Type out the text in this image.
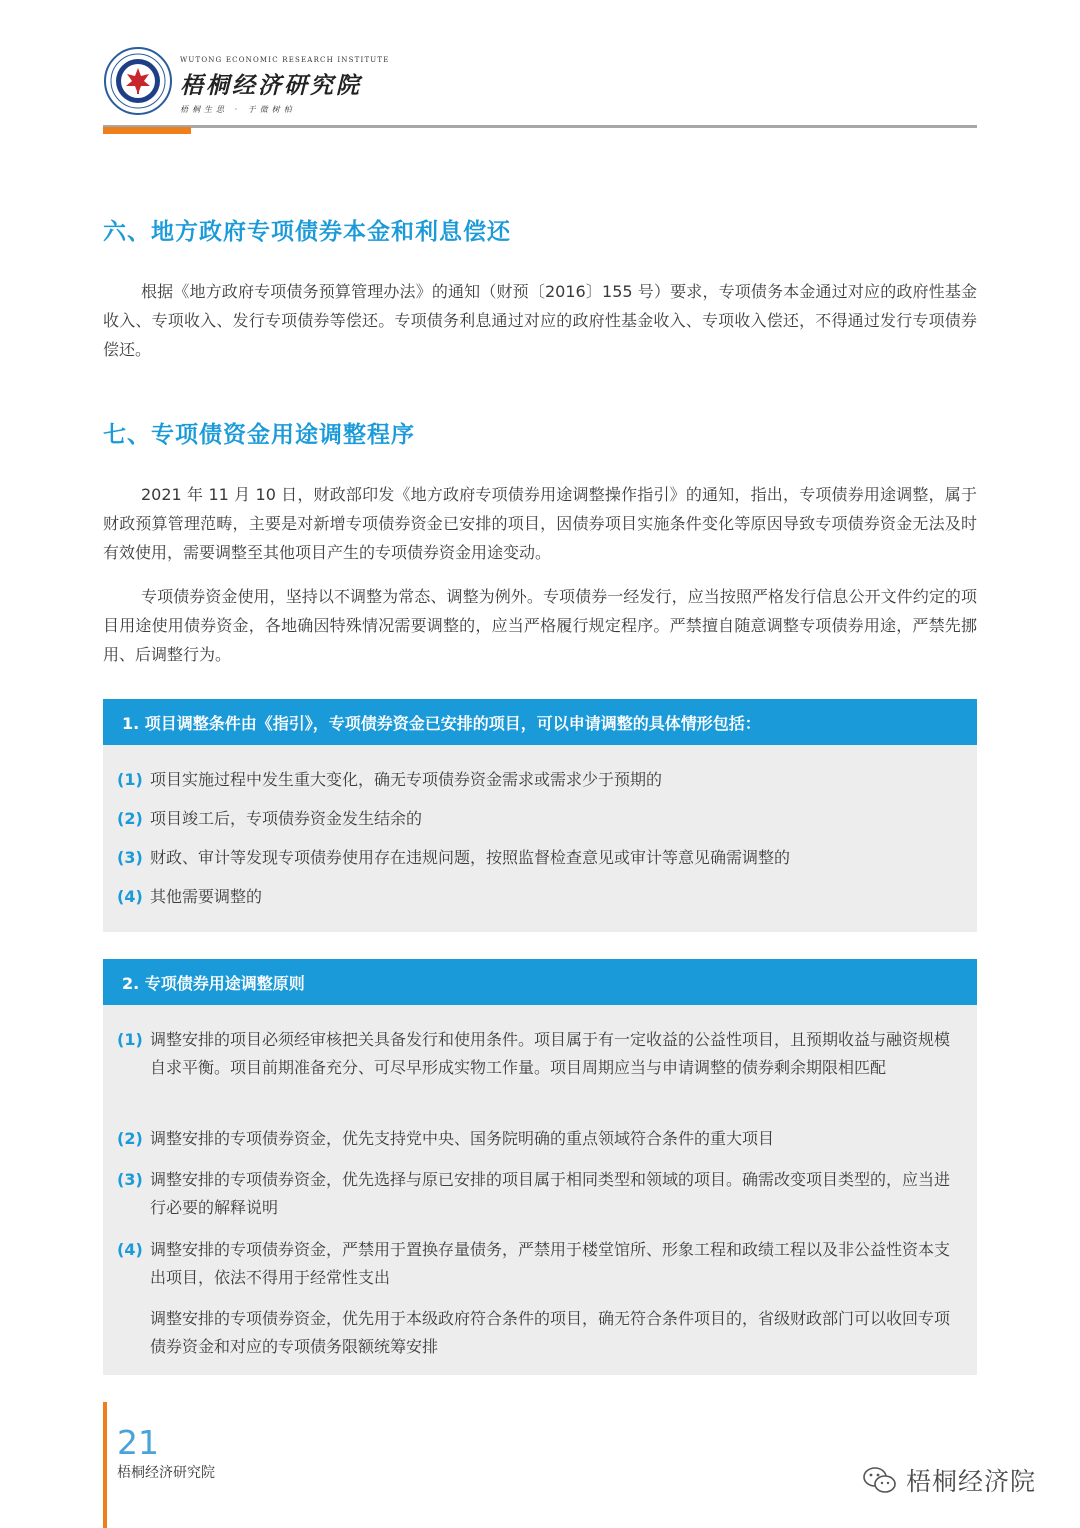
WUTONG ECONOMIC RESEARCH INSTITUTE
梧桐经济研究院
梧桐生思 · 于徵树柏
六、地方政府专项债券本金和利息偿还

根据《地方政府专项债务预算管理办法》的通知（财预〔2016〕155 号）要求，专项债务本金通过对应的政府性基金收入、专项收入、发行专项债券等偿还。专项债务利息通过对应的政府性基金收入、专项收入偿还，不得通过发行专项债券偿还。

七、专项债资金用途调整程序

2021 年 11 月 10 日，财政部印发《地方政府专项债券用途调整操作指引》的通知，指出，专项债券用途调整，属于财政预算管理范畴，主要是对新增专项债券资金已安排的项目，因债券项目实施条件变化等原因导致专项债券资金无法及时有效使用，需要调整至其他项目产生的专项债券资金用途变动。

专项债券资金使用，坚持以不调整为常态、调整为例外。专项债券一经发行，应当按照严格发行信息公开文件约定的项目用途使用债券资金，各地确因特殊情况需要调整的，应当严格履行规定程序。严禁擅自随意调整专项债券用途，严禁先挪用、后调整行为。

1. 项目调整条件由《指引》，专项债券资金已安排的项目，可以申请调整的具体情形包括：
(1) 项目实施过程中发生重大变化，确无专项债券资金需求或需求少于预期的
(2) 项目竣工后，专项债券资金发生结余的
(3) 财政、审计等发现专项债券使用存在违规问题，按照监督检查意见或审计等意见确需调整的
(4) 其他需要调整的
2. 专项债券用途调整原则
(1) 调整安排的项目必须经审核把关具备发行和使用条件。项目属于有一定收益的公益性项目，且预期收益与融资规模自求平衡。项目前期准备充分、可尽早形成实物工作量。项目周期应当与申请调整的债券剩余期限相匹配
(2) 调整安排的专项债券资金，优先支持党中央、国务院明确的重点领域符合条件的重大项目
(3) 调整安排的专项债券资金，优先选择与原已安排的项目属于相同类型和领域的项目。确需改变项目类型的，应当进行必要的解释说明
(4) 调整安排的专项债券资金，严禁用于置换存量债务，严禁用于楼堂馆所、形象工程和政绩工程以及非公益性资本支出项目，依法不得用于经常性支出
调整安排的专项债券资金，优先用于本级政府符合条件的项目，确无符合条件项目的，省级财政部门可以收回专项债券资金和对应的专项债务限额统筹安排
21
梧桐经济研究院	梧桐经济院
